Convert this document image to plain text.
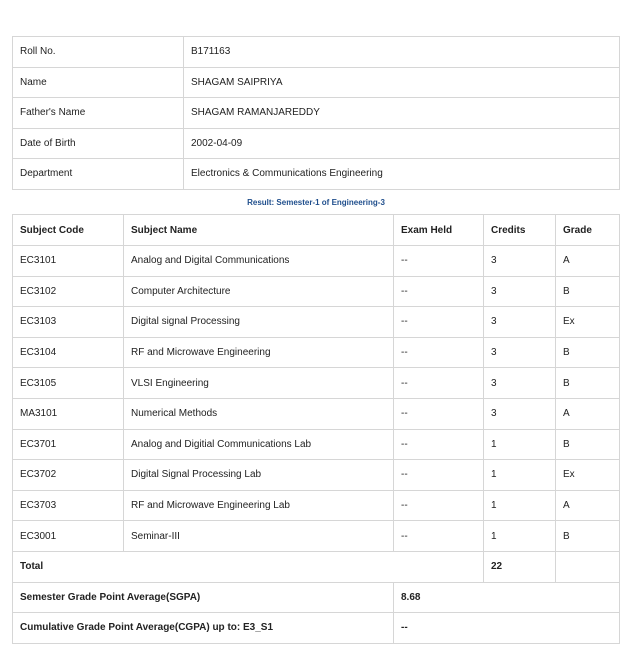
Roll No.	B171163
Name	SHAGAM SAIPRIYA
Father's Name	SHAGAM RAMANJAREDDY
Date of Birth	2002-04-09
Department	Electronics & Communications Engineering
Result: Semester-1 of Engineering-3
Subject Code	Subject Name	Exam Held	Credits	Grade
EC3101	Analog and Digital Communications	--	3	A
EC3102	Computer Architecture	--	3	B
EC3103	Digital signal Processing	--	3	Ex
EC3104	RF and Microwave Engineering	--	3	B
EC3105	VLSI Engineering	--	3	B
MA3101	Numerical Methods	--	3	A
EC3701	Analog and Digitial Communications Lab	--	1	B
EC3702	Digital Signal Processing Lab	--	1	Ex
EC3703	RF and Microwave Engineering Lab	--	1	A
EC3001	Seminar-III	--	1	B
Total			22	
Semester Grade Point Average(SGPA)		8.68		
Cumulative Grade Point Average(CGPA) up to: E3_S1		--		
